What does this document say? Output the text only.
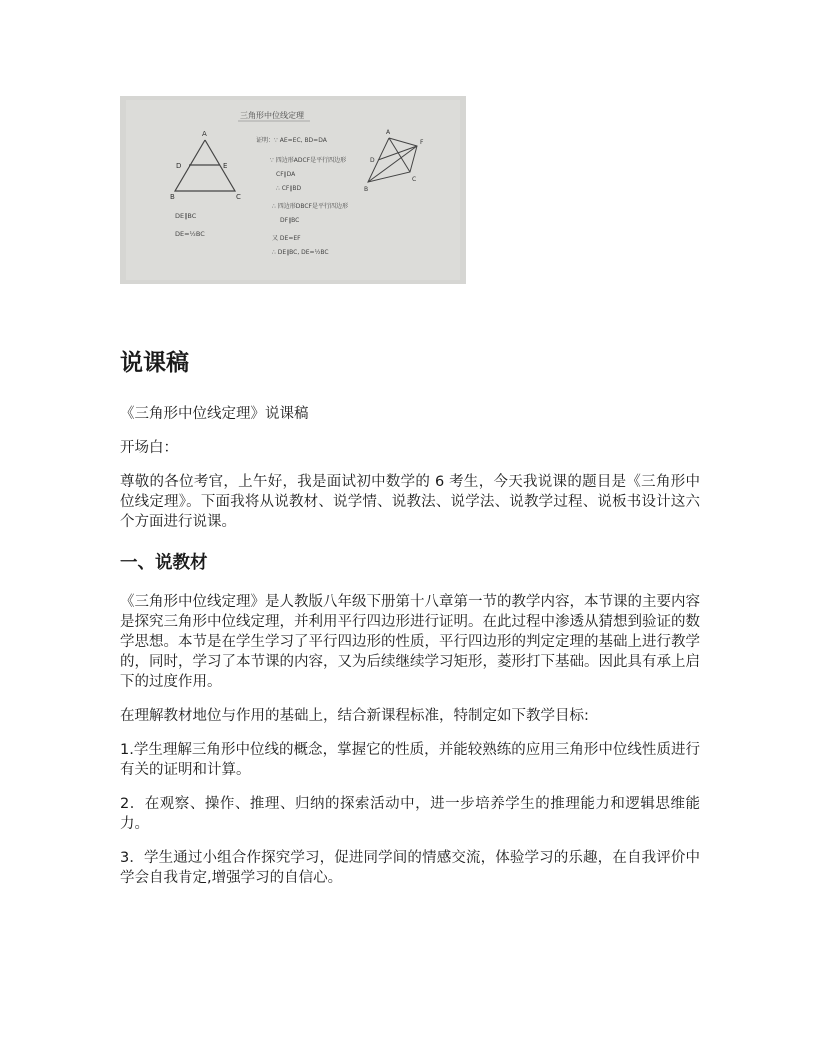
三角形中位线定理
A
D	E
B	C
DE∥BC
DE=½BC
证明：∵ AE=EC, BD=DA
∵ 四边形ADCF是平行四边形
CF∥DA
∴ CF∥BD
∴ 四边形DBCF是平行四边形
DF∥BC
又 DE=EF
∴ DE∥BC, DE=½BC
A
B
C
D
F
说课稿

《三角形中位线定理》说课稿

开场白：

尊敬的各位考官，上午好，我是面试初中数学的 6 考生，今天我说课的题目是《三角形中位线定理》。下面我将从说教材、说学情、说教法、说学法、说教学过程、说板书设计这六个方面进行说课。

一、说教材

《三角形中位线定理》是人教版八年级下册第十八章第一节的教学内容，本节课的主要内容是探究三角形中位线定理，并利用平行四边形进行证明。在此过程中渗透从猜想到验证的数学思想。本节是在学生学习了平行四边形的性质，平行四边形的判定定理的基础上进行教学的，同时，学习了本节课的内容，又为后续继续学习矩形，菱形打下基础。因此具有承上启下的过度作用。

在理解教材地位与作用的基础上，结合新课程标准，特制定如下教学目标:

1.学生理解三角形中位线的概念，掌握它的性质，并能较熟练的应用三角形中位线性质进行有关的证明和计算。

2．在观察、操作、推理、归纳的探索活动中，进一步培养学生的推理能力和逻辑思维能力。

3．学生通过小组合作探究学习，促进同学间的情感交流，体验学习的乐趣，在自我评价中学会自我肯定,增强学习的自信心。
